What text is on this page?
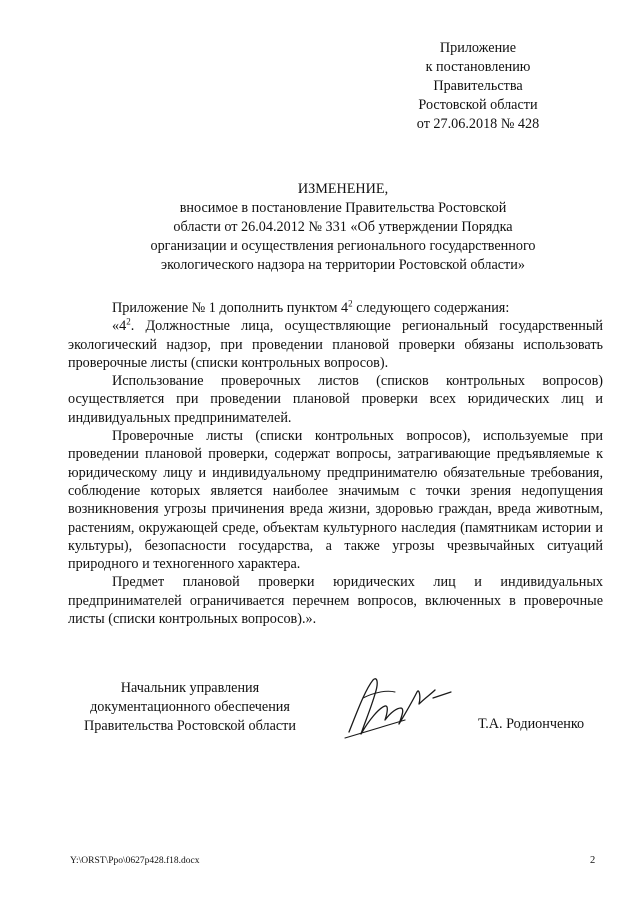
Приложение
к постановлению
Правительства
Ростовской области
от 27.06.2018 № 428
ИЗМЕНЕНИЕ,
вносимое в постановление Правительства Ростовской
области от 26.04.2012 № 331 «Об утверждении Порядка
организации и осуществления регионального государственного
экологического надзора на территории Ростовской области»

Приложение № 1 дополнить пунктом $4^2$ следующего содержания:

«$4^2$. Должностные лица, осуществляющие региональный государственный экологический надзор, при проведении плановой проверки обязаны использовать проверочные листы (списки контрольных вопросов).

Использование проверочных листов (списков контрольных вопросов) осуществляется при проведении плановой проверки всех юридических лиц и индивидуальных предпринимателей.

Проверочные листы (списки контрольных вопросов), используемые при проведении плановой проверки, содержат вопросы, затрагивающие предъявляемые к юридическому лицу и индивидуальному предпринимателю обязательные требования, соблюдение которых является наиболее значимым с точки зрения недопущения возникновения угрозы причинения вреда жизни, здоровью граждан, вреда животным, растениям, окружающей среде, объектам культурного наследия (памятникам истории и культуры), безопасности государства, а также угрозы чрезвычайных ситуаций природного и техногенного характера.

Предмет плановой проверки юридических лиц и индивидуальных предпринимателей ограничивается перечнем вопросов, включенных в проверочные листы (списки контрольных вопросов).».

Начальник управления
документационного обеспечения
Правительства Ростовской области	Т.А. Родионченко
Y:\ORST\Ppo\0627p428.f18.docx	2
